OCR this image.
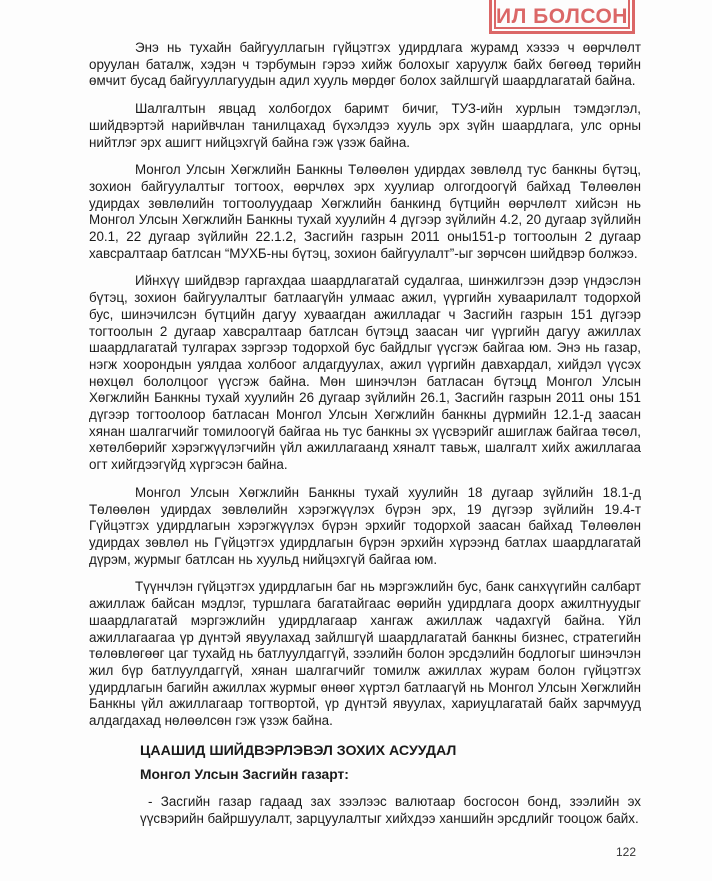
ИЛ БОЛСОН

Энэ нь тухайн байгууллагын гүйцэтгэх удирдлага журамд хэзээ ч өөрчлөлт оруулан баталж, хэдэн ч тэрбумын гэрээ хийж болохыг харуулж байх бөгөөд төрийн өмчит бусад байгууллагуудын адил хууль мөрдөг болох зайлшгүй шаардлагатай байна.

Шалгалтын явцад холбогдох баримт бичиг, ТУЗ-ийн хурлын тэмдэглэл, шийдвэртэй нарийвчлан танилцахад бүхэлдээ хууль эрх зүйн шаардлага, улс орны нийтлэг эрх ашигт нийцэхгүй байна гэж үзэж байна.

Монгол Улсын Хөгжлийн Банкны Төлөөлөн удирдах зөвлөлд тус банкны бүтэц, зохион байгуулалтыг тогтоох, өөрчлөх эрх хуулиар олгогдоогүй байхад Төлөөлөн удирдах зөвлөлийн тогтоолуудаар Хөгжлийн банкинд бүтцийн өөрчлөлт хийсэн нь Монгол Улсын Хөгжлийн Банкны тухай хуулийн 4 дүгээр зүйлийн 4.2, 20 дугаар зүйлийн 20.1, 22 дугаар зүйлийн 22.1.2, Засгийн газрын 2011 оны151-р тогтоолын 2 дугаар хавсралтаар батлсан “МУХБ-ны бүтэц, зохион байгуулалт”-ыг зөрчсөн шийдвэр болжээ.

Ийнхүү шийдвэр гаргахдаа шаардлагатай судалгаа, шинжилгээн дээр үндэслэн бүтэц, зохион байгуулалтыг батлаагүйн улмаас ажил, үүргийн хуваарилалт тодорхой бус, шинэчилсэн бүтцийн дагуу хуваагдан ажилладаг ч Засгийн газрын 151 дүгээр тогтоолын 2 дугаар хавсралтаар батлсан бүтэцд заасан чиг үүргийн дагуу ажиллах шаардлагатай тулгарах зэргээр тодорхой бус байдлыг үүсгэж байгаа юм. Энэ нь газар, нэгж хоорондын уялдаа холбоог алдагдуулах, ажил үүргийн давхардал, хийдэл үүсэх нөхцөл бололцоог үүсгэж байна. Мөн шинэчлэн батласан бүтэцд Монгол Улсын Хөгжлийн Банкны тухай хуулийн 26 дугаар зүйлийн 26.1, Засгийн газрын 2011 оны 151 дүгээр тогтоолоор батласан Монгол Улсын Хөгжлийн банкны дүрмийн 12.1-д заасан хянан шалгагчийг томилоогүй байгаа нь тус банкны эх үүсвэрийг ашиглаж байгаа төсөл, хөтөлбөрийг хэрэгжүүлэгчийн үйл ажиллагаанд хяналт тавьж, шалгалт хийх ажиллагаа огт хийгдээгүйд хүргэсэн байна.

Монгол Улсын Хөгжлийн Банкны тухай хуулийн 18 дугаар зүйлийн 18.1-д Төлөөлөн удирдах зөвлөлийн хэрэгжүүлэх бүрэн эрх, 19 дүгээр зүйлийн 19.4-т Гүйцэтгэх удирдлагын хэрэгжүүлэх бүрэн эрхийг тодорхой заасан байхад Төлөөлөн удирдах зөвлөл нь Гүйцэтгэх удирдлагын бүрэн эрхийн хүрээнд батлах шаардлагатай дүрэм, журмыг батлсан нь хуульд нийцэхгүй байгаа юм.

Түүнчлэн гүйцэтгэх удирдлагын баг нь мэргэжлийн бус, банк санхүүгийн салбарт ажиллаж байсан мэдлэг, туршлага багатайгаас өөрийн удирдлага доорх ажилтнуудыг шаардлагатай мэргэжлийн удирдлагаар хангаж ажиллаж чадахгүй байна. Үйл ажиллагаагаа үр дүнтэй явуулахад зайлшгүй шаардлагатай банкны бизнес, стратегийн төлөвлөгөөг цаг тухайд нь батлуулдаггүй, зээлийн болон эрсдэлийн бодлогыг шинэчлэн жил бүр батлуулдаггүй, хянан шалгагчийг томилж ажиллах журам болон гүйцэтгэх удирдлагын багийн ажиллах журмыг өнөөг хүртэл батлаагүй нь Монгол Улсын Хөгжлийн Банкны үйл ажиллагаар тогтвортой, үр дүнтэй явуулах, хариуцлагатай байх зарчмууд алдагдахад нөлөөлсөн гэж үзэж байна.

ЦААШИД ШИЙДВЭРЛЭВЭЛ ЗОХИХ АСУУДАЛ
Монгол Улсын Засгийн газарт:

- Засгийн газар гадаад зах зээлээс валютаар босгосон бонд, зээлийн эх үүсвэрийн байршуулалт, зарцуулалтыг хийхдээ ханшийн эрсдлийг тооцож байх.

122
